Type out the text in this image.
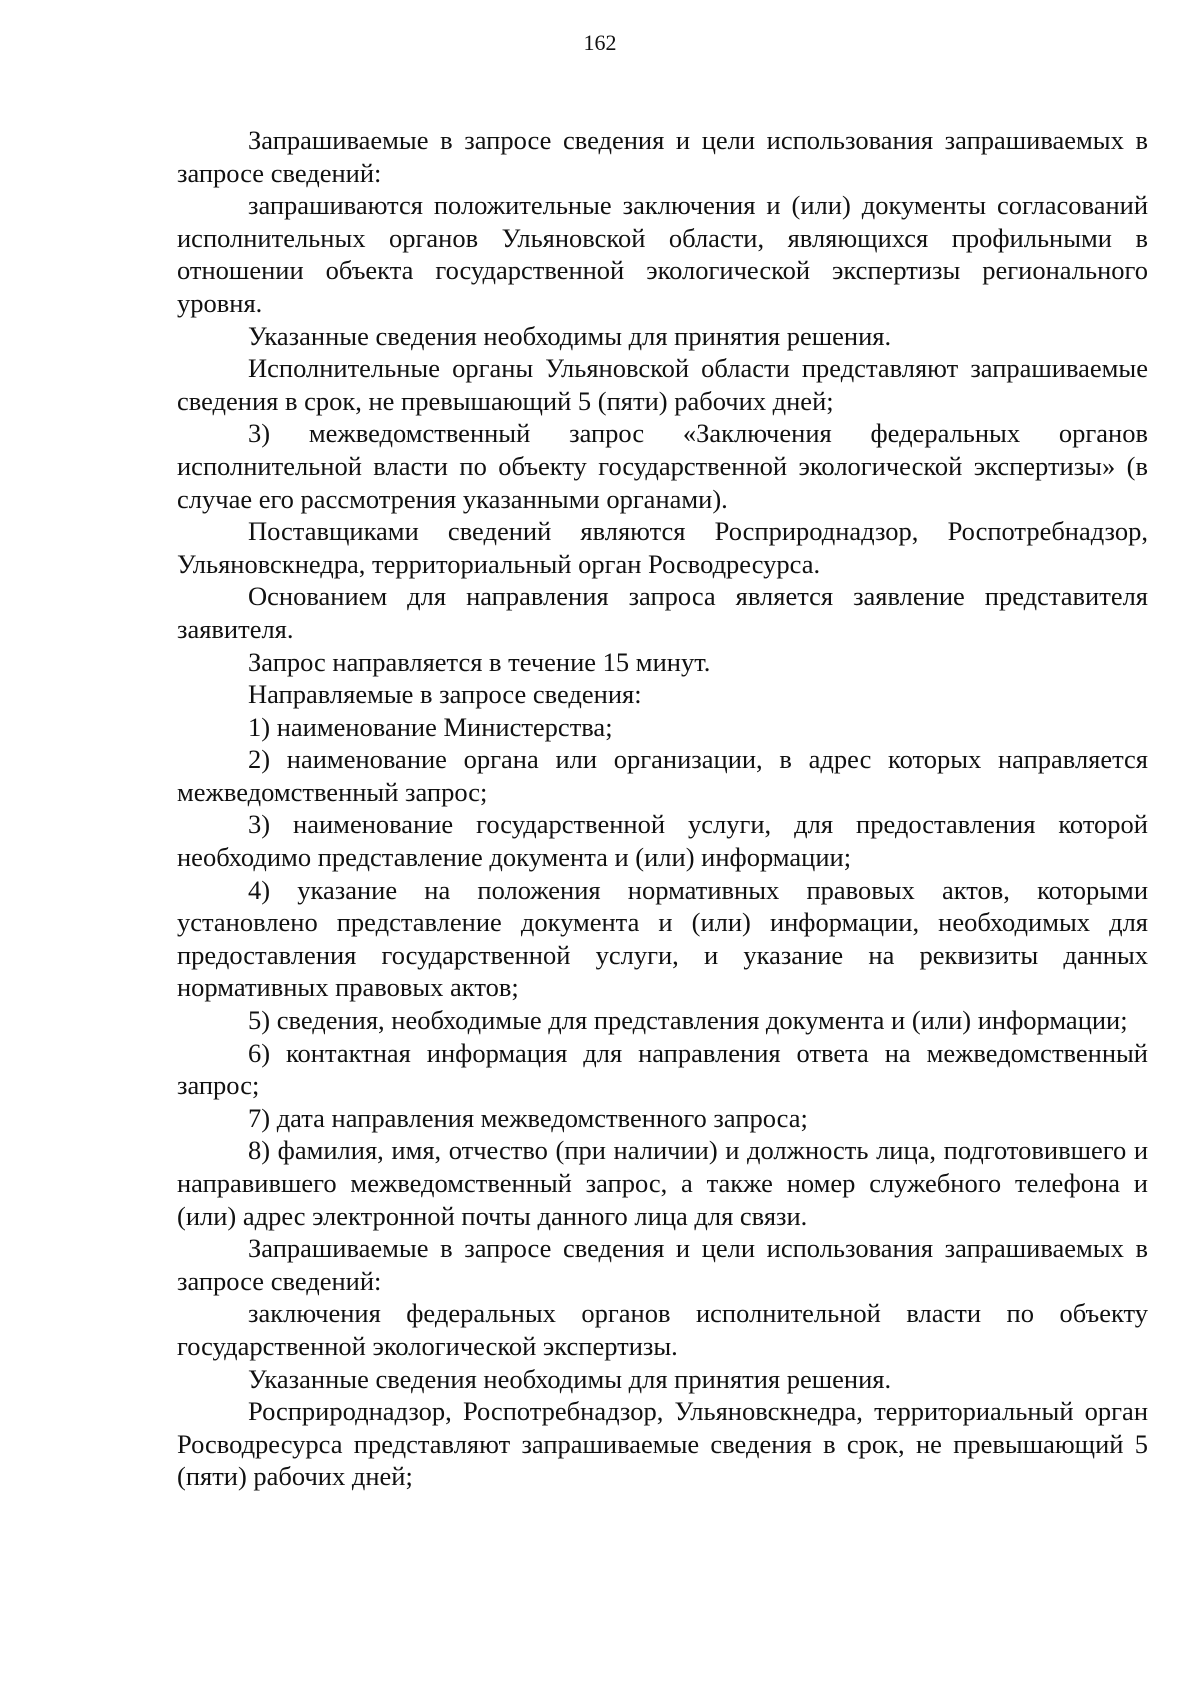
162

Запрашиваемые в запросе сведения и цели использования запрашиваемых в запросе сведений:

запрашиваются положительные заключения и (или) документы согласований исполнительных органов Ульяновской области, являющихся профильными в отношении объекта государственной экологической экспертизы регионального уровня.

Указанные сведения необходимы для принятия решения.

Исполнительные органы Ульяновской области представляют запрашиваемые сведения в срок, не превышающий 5 (пяти) рабочих дней;

3) межведомственный запрос «Заключения федеральных органов исполнительной власти по объекту государственной экологической экспертизы» (в случае его рассмотрения указанными органами).

Поставщиками сведений являются Росприроднадзор, Роспотребнадзор, Ульяновскнедра, территориальный орган Росводресурса.

Основанием для направления запроса является заявление представителя заявителя.

Запрос направляется в течение 15 минут.

Направляемые в запросе сведения:

1) наименование Министерства;

2) наименование органа или организации, в адрес которых направляется межведомственный запрос;

3) наименование государственной услуги, для предоставления которой необходимо представление документа и (или) информации;

4) указание на положения нормативных правовых актов, которыми установлено представление документа и (или) информации, необходимых для предоставления государственной услуги, и указание на реквизиты данных нормативных правовых актов;

5) сведения, необходимые для представления документа и (или) информации;

6) контактная информация для направления ответа на межведомственный запрос;

7) дата направления межведомственного запроса;

8) фамилия, имя, отчество (при наличии) и должность лица, подготовившего и направившего межведомственный запрос, а также номер служебного телефона и (или) адрес электронной почты данного лица для связи.

Запрашиваемые в запросе сведения и цели использования запрашиваемых в запросе сведений:

заключения федеральных органов исполнительной власти по объекту государственной экологической экспертизы.

Указанные сведения необходимы для принятия решения.

Росприроднадзор, Роспотребнадзор, Ульяновскнедра, территориальный орган Росводресурса представляют запрашиваемые сведения в срок, не превышающий 5 (пяти) рабочих дней;
